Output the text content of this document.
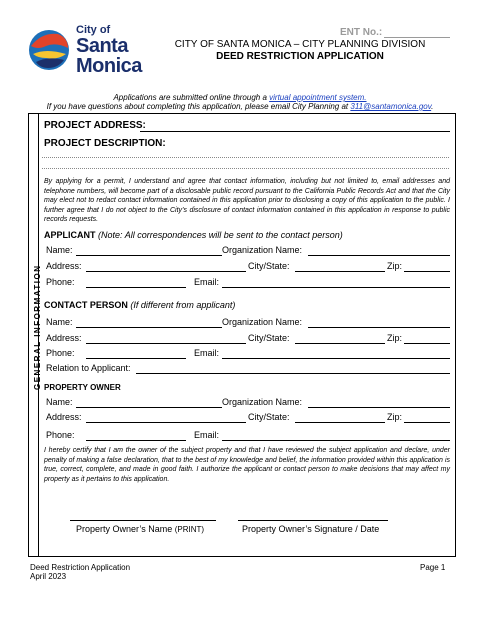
City of
Santa
Monica
ENT No.:
CITY OF SANTA MONICA – CITY PLANNING DIVISION
DEED RESTRICTION APPLICATION
Applications are submitted online through a virtual appointment system.
If you have questions about completing this application, please email City Planning at 311@santamonica.gov.
GENERAL INFORMATION
PROJECT ADDRESS:
PROJECT DESCRIPTION:
By applying for a permit, I understand and agree that contact information, including but not limited to, email addresses and telephone numbers, will become part of a disclosable public record pursuant to the California Public Records Act and that the City may elect not to redact contact information contained in this application prior to disclosing a copy of this application to the public. I further agree that I do not object to the City’s disclosure of contact information contained in this application in response to public records requests.
APPLICANT (Note: All correspondences will be sent to the contact person)
Name:	Organization Name:
Address:	City/State:	Zip:
Phone:	Email:
CONTACT PERSON (If different from applicant)
Name:	Organization Name:
Address:	City/State:	Zip:
Phone:	Email:
Relation to Applicant:
PROPERTY OWNER
Name:	Organization Name:
Address:	City/State:	Zip:
Phone:	Email:
I hereby certify that I am the owner of the subject property and that I have reviewed the subject application and declare, under penalty of making a false declaration, that to the best of my knowledge and belief, the information provided within this application is true, correct, complete, and made in good faith. I authorize the applicant or contact person to make decisions that may affect my property as it pertains to this application.
Property Owner’s Name (PRINT)	Property Owner’s Signature / Date
Deed Restriction Application
April 2023
Page 1
